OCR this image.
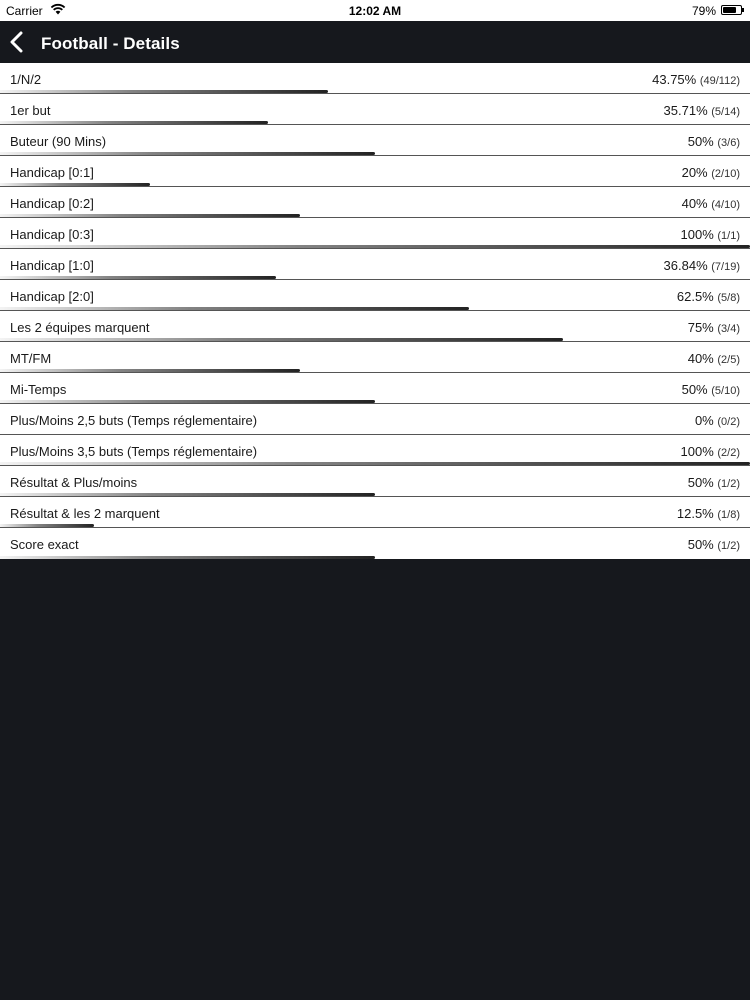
Carrier	12:02 AM	79%
Football - Details
1/N/2	43.75% (49/112)
1er but	35.71% (5/14)
Buteur (90 Mins)	50% (3/6)
Handicap [0:1]	20% (2/10)
Handicap [0:2]	40% (4/10)
Handicap [0:3]	100% (1/1)
Handicap [1:0]	36.84% (7/19)
Handicap [2:0]	62.5% (5/8)
Les 2 équipes marquent	75% (3/4)
MT/FM	40% (2/5)
Mi-Temps	50% (5/10)
Plus/Moins 2,5 buts (Temps réglementaire)	0% (0/2)
Plus/Moins 3,5 buts (Temps réglementaire)	100% (2/2)
Résultat & Plus/moins	50% (1/2)
Résultat & les 2 marquent	12.5% (1/8)
Score exact	50% (1/2)
